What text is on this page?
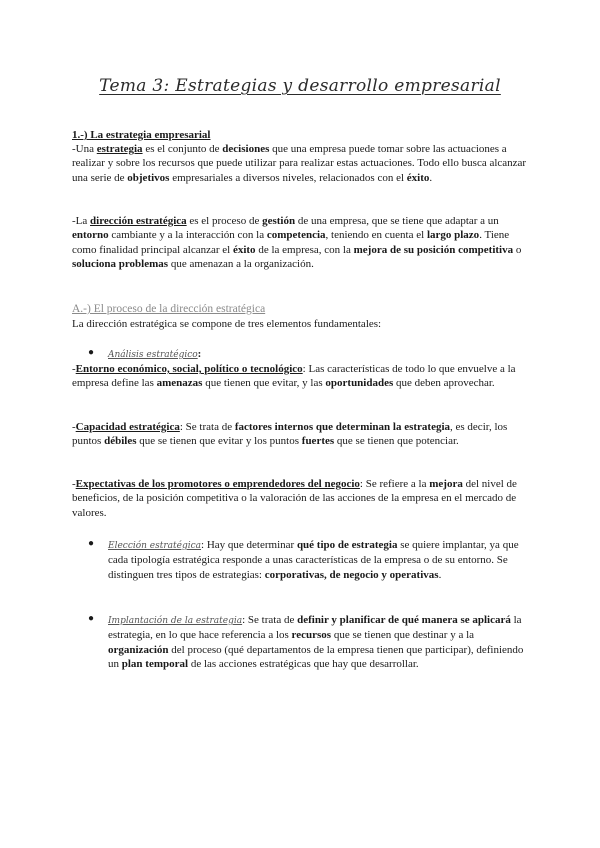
Tema 3: Estrategias y desarrollo empresarial
1.-) La estrategia empresarial
-Una estrategia es el conjunto de decisiones que una empresa puede tomar sobre las actuaciones a realizar y sobre los recursos que puede utilizar para realizar estas actuaciones. Todo ello busca alcanzar una serie de objetivos empresariales a diversos niveles, relacionados con el éxito.
-La dirección estratégica es el proceso de gestión de una empresa, que se tiene que adaptar a un entorno cambiante y a la interacción con la competencia, teniendo en cuenta el largo plazo. Tiene como finalidad principal alcanzar el éxito de la empresa, con la mejora de su posición competitiva o soluciona problemas que amenazan a la organización.
A.-) El proceso de la dirección estratégica
La dirección estratégica se compone de tres elementos fundamentales:
● Análisis estratégico:
-Entorno económico, social, político o tecnológico: Las características de todo lo que envuelve a la empresa define las amenazas que tienen que evitar, y las oportunidades que deben aprovechar.
-Capacidad estratégica: Se trata de factores internos que determinan la estrategia, es decir, los puntos débiles que se tienen que evitar y los puntos fuertes que se tienen que potenciar.
-Expectativas de los promotores o emprendedores del negocio: Se refiere a la mejora del nivel de beneficios, de la posición competitiva o la valoración de las acciones de la empresa en el mercado de valores.
● Elección estratégica: Hay que determinar qué tipo de estrategia se quiere implantar, ya que cada tipología estratégica responde a unas características de la empresa o de su entorno. Se distinguen tres tipos de estrategias: corporativas, de negocio y operativas.
● Implantación de la estrategia: Se trata de definir y planificar de qué manera se aplicará la estrategia, en lo que hace referencia a los recursos que se tienen que destinar y a la organización del proceso (qué departamentos de la empresa tienen que participar), definiendo un plan temporal de las acciones estratégicas que hay que desarrollar.
